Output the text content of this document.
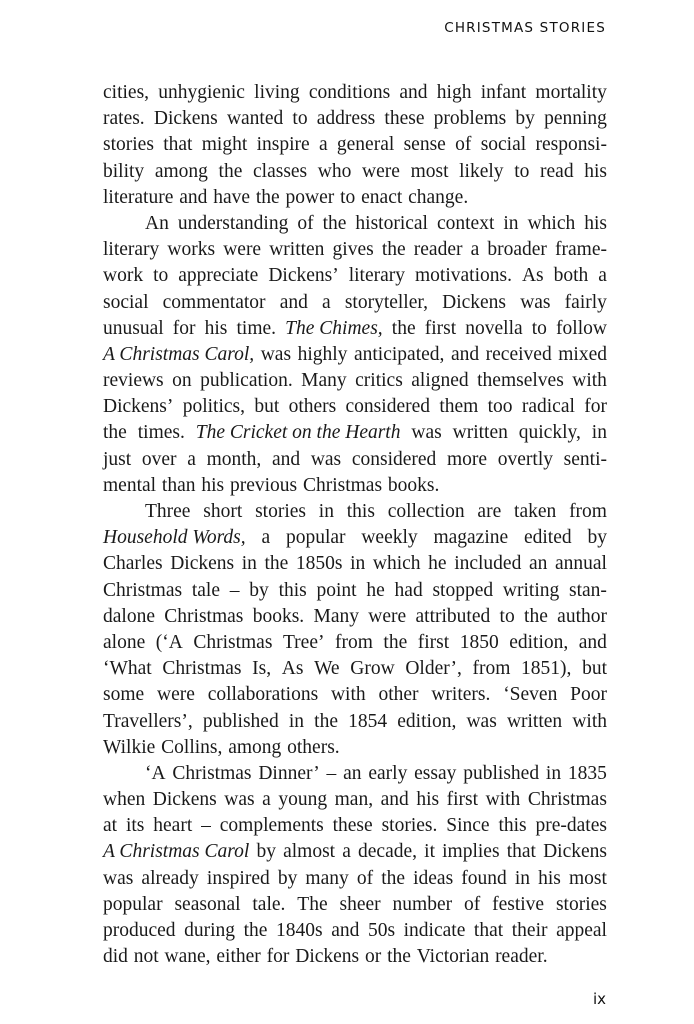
CHRISTMAS STORIES
cities, unhygienic living conditions and high infant mortality
rates. Dickens wanted to address these problems by penning
stories that might inspire a general sense of social responsi-
bility among the classes who were most likely to read his
literature and have the power to enact change.
An understanding of the historical context in which his
literary works were written gives the reader a broader frame-
work to appreciate Dickens’ literary motivations. As both a
social commentator and a storyteller, Dickens was fairly
unusual for his time. The Chimes, the first novella to follow
A Christmas Carol, was highly anticipated, and received mixed
reviews on publication. Many critics aligned themselves with
Dickens’ politics, but others considered them too radical for
the times. The Cricket on the Hearth was written quickly, in
just over a month, and was considered more overtly senti-
mental than his previous Christmas books.
Three short stories in this collection are taken from
Household Words, a popular weekly magazine edited by
Charles Dickens in the 1850s in which he included an annual
Christmas tale – by this point he had stopped writing stan-
dalone Christmas books. Many were attributed to the author
alone (‘A Christmas Tree’ from the first 1850 edition, and
‘What Christmas Is, As We Grow Older’, from 1851), but
some were collaborations with other writers. ‘Seven Poor
Travellers’, published in the 1854 edition, was written with
Wilkie Collins, among others.
‘A Christmas Dinner’ – an early essay published in 1835
when Dickens was a young man, and his first with Christmas
at its heart – complements these stories. Since this pre-dates
A Christmas Carol by almost a decade, it implies that Dickens
was already inspired by many of the ideas found in his most
popular seasonal tale. The sheer number of festive stories
produced during the 1840s and 50s indicate that their appeal
did not wane, either for Dickens or the Victorian reader.
ix
